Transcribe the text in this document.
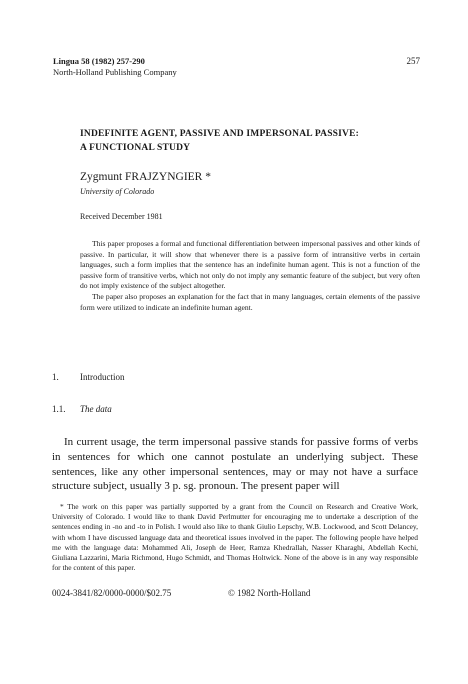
Lingua 58 (1982) 257-290
North-Holland Publishing Company
257
INDEFINITE AGENT, PASSIVE AND IMPERSONAL PASSIVE:
A FUNCTIONAL STUDY
Zygmunt FRAJZYNGIER *
University of Colorado
Received December 1981

This paper proposes a formal and functional differentiation between impersonal passives and other kinds of passive. In particular, it will show that whenever there is a passive form of intransitive verbs in certain languages, such a form implies that the sentence has an indefinite human agent. This is not a function of the passive form of transitive verbs, which not only do not imply any semantic feature of the subject, but very often do not imply existence of the subject altogether.

The paper also proposes an explanation for the fact that in many languages, certain elements of the passive form were utilized to indicate an indefinite human agent.

1. Introduction
1.1. The data

In current usage, the term impersonal passive stands for passive forms of verbs in sentences for which one cannot postulate an underlying subject. These sentences, like any other impersonal sentences, may or may not have a surface structure subject, usually 3 p. sg. pronoun. The present paper will

* The work on this paper was partially supported by a grant from the Council on Research and Creative Work, University of Colorado. I would like to thank David Perlmutter for encouraging me to undertake a description of the sentences ending in -no and -to in Polish. I would also like to thank Giulio Lepschy, W.B. Lockwood, and Scott Delancey, with whom I have discussed language data and theoretical issues involved in the paper. The following people have helped me with the language data: Mohammed Ali, Joseph de Heer, Ramza Khedrallah, Nasser Kharaghi, Abdellah Kechi, Giuliana Lazzarini, Maria Richmond, Hugo Schmidt, and Thomas Holtwick. None of the above is in any way responsible for the content of this paper.

0024-3841/82/0000-0000/$02.75	© 1982 North-Holland
